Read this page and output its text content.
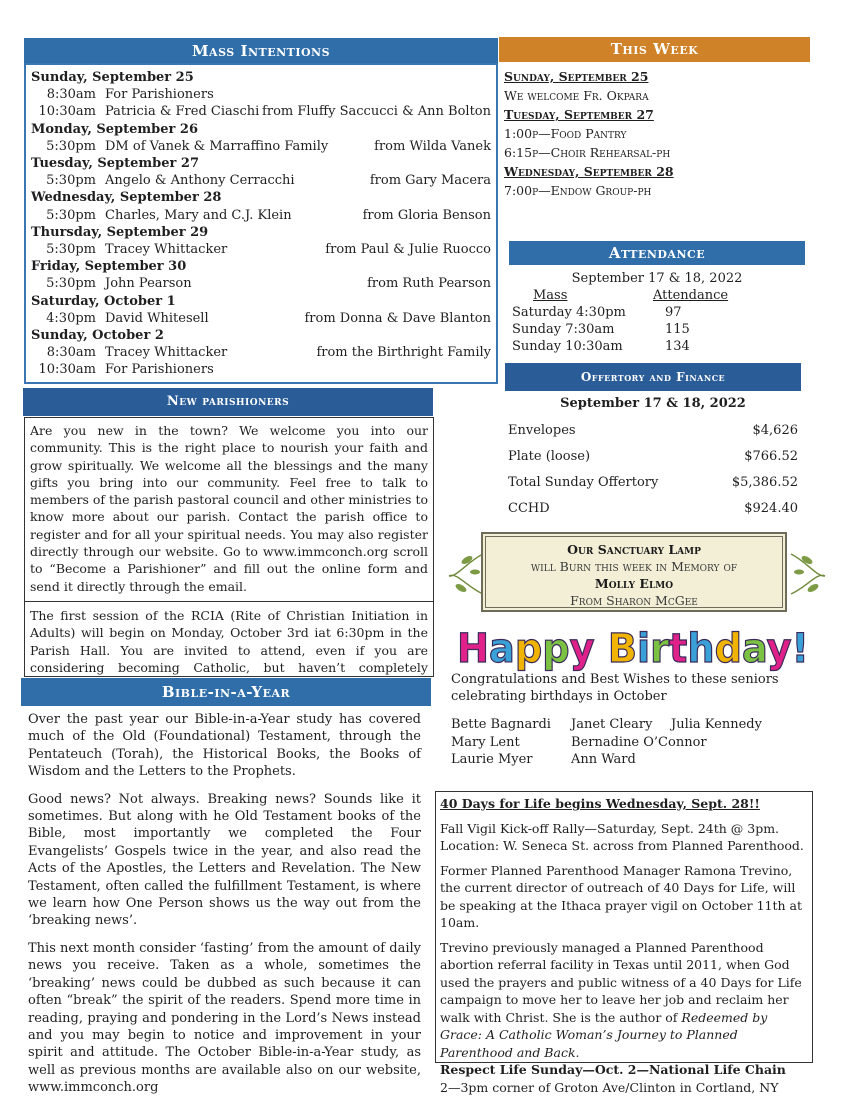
Mass Intentions
Sunday, September 25
8:30am For Parishioners
10:30am Patricia & Fred Ciaschi from Fluffy Saccucci & Ann Bolton
Monday, September 26
5:30pm DM of Vanek & Marraffino Family	from Wilda Vanek
Tuesday, September 27
5:30pm Angelo & Anthony Cerracchi	from Gary Macera
Wednesday, September 28
5:30pm Charles, Mary and C.J. Klein	from Gloria Benson
Thursday, September 29
5:30pm Tracey Whittacker	from Paul & Julie Ruocco
Friday, September 30
5:30pm John Pearson	from Ruth Pearson
Saturday, October 1
4:30pm David Whitesell	from Donna & Dave Blanton
Sunday, October 2
8:30am Tracey Whittacker	from the Birthright Family
10:30am For Parishioners
This Week
Sunday, September 25
We welcome Fr. Okpara
Tuesday, September 27
1:00p—Food Pantry
6:15p—Choir Rehearsal-ph
Wednesday, September 28
7:00p—Endow Group-ph
Attendance
September 17 & 18, 2022
Mass	Attendance
Saturday 4:30pm	97
Sunday 7:30am	115
Sunday 10:30am	134
Offertory and Finance
September 17 & 18, 2022
Envelopes	$4,626
Plate (loose)	$766.52
Total Sunday Offertory	$5,386.52
CCHD	$924.40
Our Sanctuary Lamp
will Burn this week in Memory of
Molly Elmo
From Sharon McGee
Happy Birthday!
Congratulations and Best Wishes to these seniors celebrating birthdays in October
Bette Bagnardi	Janet Cleary	Julia Kennedy
Mary Lent	Bernadine O’Connor
Laurie Myer	Ann Ward

40 Days for Life begins Wednesday, Sept. 28!!

Fall Vigil Kick-off Rally—Saturday, Sept. 24th @ 3pm. Location: W. Seneca St. across from Planned Parenthood.

Former Planned Parenthood Manager Ramona Trevino, the current director of outreach of 40 Days for Life, will be speaking at the Ithaca prayer vigil on October 11th at 10am.

Trevino previously managed a Planned Parenthood abortion referral facility in Texas until 2011, when God used the prayers and public witness of a 40 Days for Life campaign to move her to leave her job and reclaim her walk with Christ. She is the author of Redeemed by Grace: A Catholic Woman’s Journey to Planned Parenthood and Back.

Respect Life Sunday—Oct. 2—National Life Chain
2—3pm corner of Groton Ave/Clinton in Cortland, NY
New parishioners
Are you new in the town? We welcome you into our community. This is the right place to nourish your faith and grow spiritually. We welcome all the blessings and the many gifts you bring into our community. Feel free to talk to members of the parish pastoral council and other ministries to know more about our parish. Contact the parish office to register and for all your spiritual needs. You may also register directly through our website. Go to www.immconch.org scroll to “Become a Parishioner” and fill out the online form and send it directly through the email.
The first session of the RCIA (Rite of Christian Initiation in Adults) will begin on Monday, October 3rd iat 6:30pm in the Parish Hall. You are invited to attend, even if you are considering becoming Catholic, but haven’t completely
Bible-in-a-Year

Over the past year our Bible-in-a-Year study has covered much of the Old (Foundational) Testament, through the Pentateuch (Torah), the Historical Books, the Books of Wisdom and the Letters to the Prophets.

Good news? Not always. Breaking news? Sounds like it sometimes. But along with he Old Testament books of the Bible, most importantly we completed the Four Evangelists’ Gospels twice in the year, and also read the Acts of the Apostles, the Letters and Revelation. The New Testament, often called the fulfillment Testament, is where we learn how One Person shows us the way out from the ‘breaking news’.

This next month consider ‘fasting’ from the amount of daily news you receive. Taken as a whole, sometimes the ‘breaking’ news could be dubbed as such because it can often “break” the spirit of the readers. Spend more time in reading, praying and pondering in the Lord’s News instead and you may begin to notice and improvement in your spirit and attitude. The October Bible-in-a-Year study, as well as previous months are available also on our website, www.immconch.org
